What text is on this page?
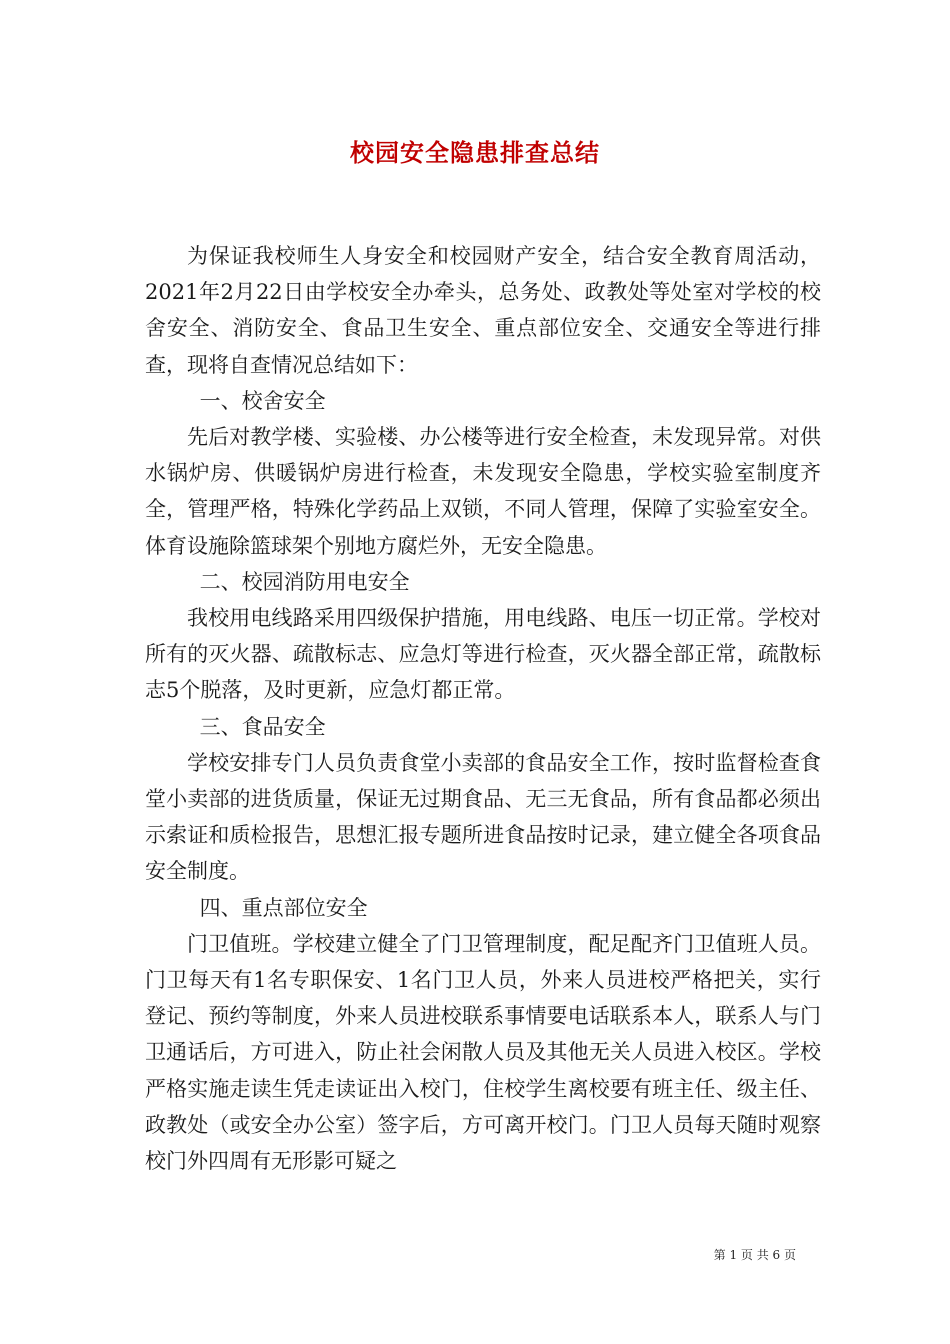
校园安全隐患排查总结

为保证我校师生人身安全和校园财产安全，结合安全教育周活动，2021年2月22日由学校安全办牵头，总务处、政教处等处室对学校的校舍安全、消防安全、食品卫生安全、重点部位安全、交通安全等进行排查，现将自查情况总结如下：

一、校舍安全

先后对教学楼、实验楼、办公楼等进行安全检查，未发现异常。对供水锅炉房、供暖锅炉房进行检查，未发现安全隐患，学校实验室制度齐全，管理严格，特殊化学药品上双锁，不同人管理，保障了实验室安全。体育设施除篮球架个别地方腐烂外，无安全隐患。

二、校园消防用电安全

我校用电线路采用四级保护措施，用电线路、电压一切正常。学校对所有的灭火器、疏散标志、应急灯等进行检查，灭火器全部正常，疏散标志5个脱落，及时更新，应急灯都正常。

三、食品安全

学校安排专门人员负责食堂小卖部的食品安全工作，按时监督检查食堂小卖部的进货质量，保证无过期食品、无三无食品，所有食品都必须出示索证和质检报告，思想汇报专题所进食品按时记录，建立健全各项食品安全制度。

四、重点部位安全

门卫值班。学校建立健全了门卫管理制度，配足配齐门卫值班人员。门卫每天有1名专职保安、1名门卫人员，外来人员进校严格把关，实行登记、预约等制度，外来人员进校联系事情要电话联系本人，联系人与门卫通话后，方可进入，防止社会闲散人员及其他无关人员进入校区。学校严格实施走读生凭走读证出入校门，住校学生离校要有班主任、级主任、政教处（或安全办公室）签字后，方可离开校门。门卫人员每天随时观察校门外四周有无形影可疑之

第 1 页 共 6 页
